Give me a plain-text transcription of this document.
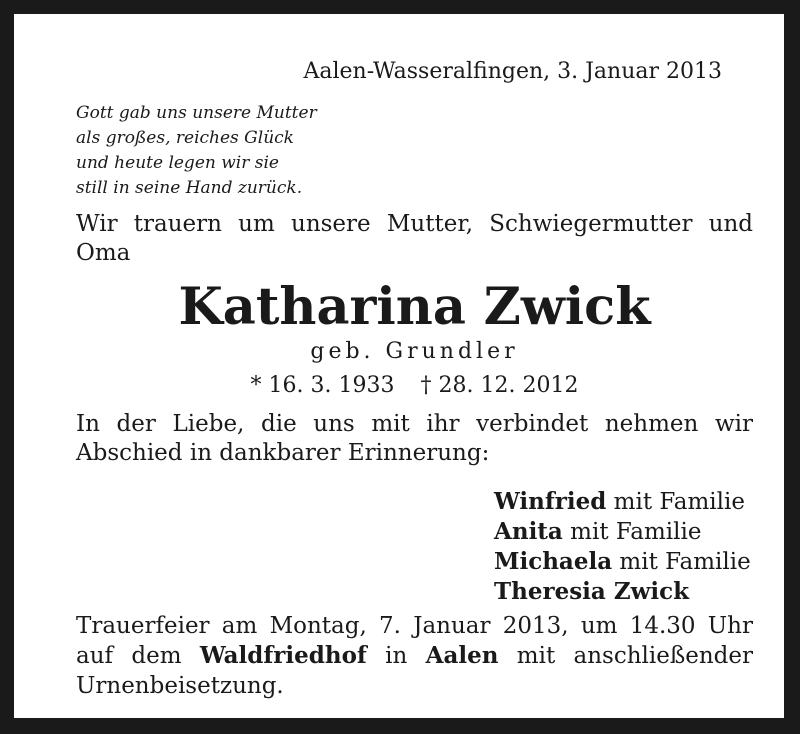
Aalen-Wasseralfingen, 3. Januar 2013
Gott gab uns unsere Mutter
als großes, reiches Glück
und heute legen wir sie
still in seine Hand zurück.
Wir trauern um unsere Mutter, Schwiegermutter und Oma
Katharina Zwick
geb. Grundler
* 16. 3. 1933 † 28. 12. 2012
In der Liebe, die uns mit ihr verbindet nehmen wir Abschied in dankbarer Erinnerung:
Winfried mit Familie
Anita mit Familie
Michaela mit Familie
Theresia Zwick
Trauerfeier am Montag, 7. Januar 2013, um 14.30 Uhr auf dem Waldfriedhof in Aalen mit anschließender Urnenbeisetzung.
